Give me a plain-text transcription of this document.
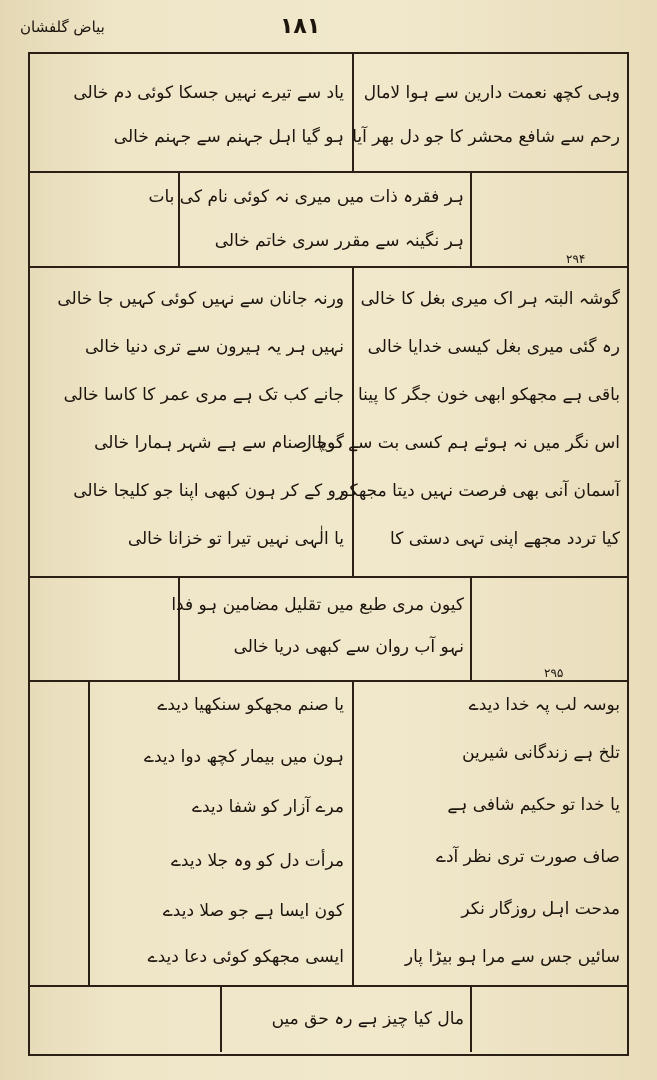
بیاض گلفشان	۱۸۱
۲۹۴
۲۹۵
وہی کچھ نعمت دارین سے ہوا لامال
رحم سے شافع محشر کا جو دل بھر آیا
یاد سے تیرے نہیں جسکا کوئی دم خالی
ہو گیا اہل جہنم سے جہنم خالی
ہر فقرہ ذات میں میری نہ کوئی نام کی بات
ہر نگینہ سے مقرر سری خاتم خالی
گوشہ البتہ ہر اک میری بغل کا خالی
رہ گئی میری بغل کیسی خدایا خالی
باقی ہے مجھکو ابھی خون جگر کا پینا
اس نگر میں نہ ہوئے ہم کسی بت سے دوچار
آسمان آنی بھی فرصت نہیں دیتا مجھکو
کیا تردد مجھے اپنی تہی دستی کا
ورنہ جانان سے نہیں کوئی کہیں جا خالی
نہیں ہر یہ ہیرون سے تری دنیا خالی
جانے کب تک ہے مری عمر کا کاسا خالی
گویا اصنام سے ہے شہر ہمارا خالی
رو کے کر ہون کبھی اپنا جو کلیجا خالی
یا الٰہی نہیں تیرا تو خزانا خالی
کیون مری طبع میں تقلیل مضامین ہو فدا
نہو آب روان سے کبھی دریا خالی
بوسہ لب پہ خدا دیدے
تلخ ہے زندگانی شیرین
یا خدا تو حکیم شافی ہے
صاف صورت تری نظر آدے
مدحت اہل روزگار نکر
سائیں جس سے مرا ہو بیڑا پار
یا صنم مجھکو سنکھیا دیدے
ہون میں بیمار کچھ دوا دیدے
مرے آزار کو شفا دیدے
مرأت دل کو وہ جلا دیدے
کون ایسا ہے جو صلا دیدے
ایسی مجھکو کوئی دعا دیدے
مال کیا چیز ہے رہ حق میں
